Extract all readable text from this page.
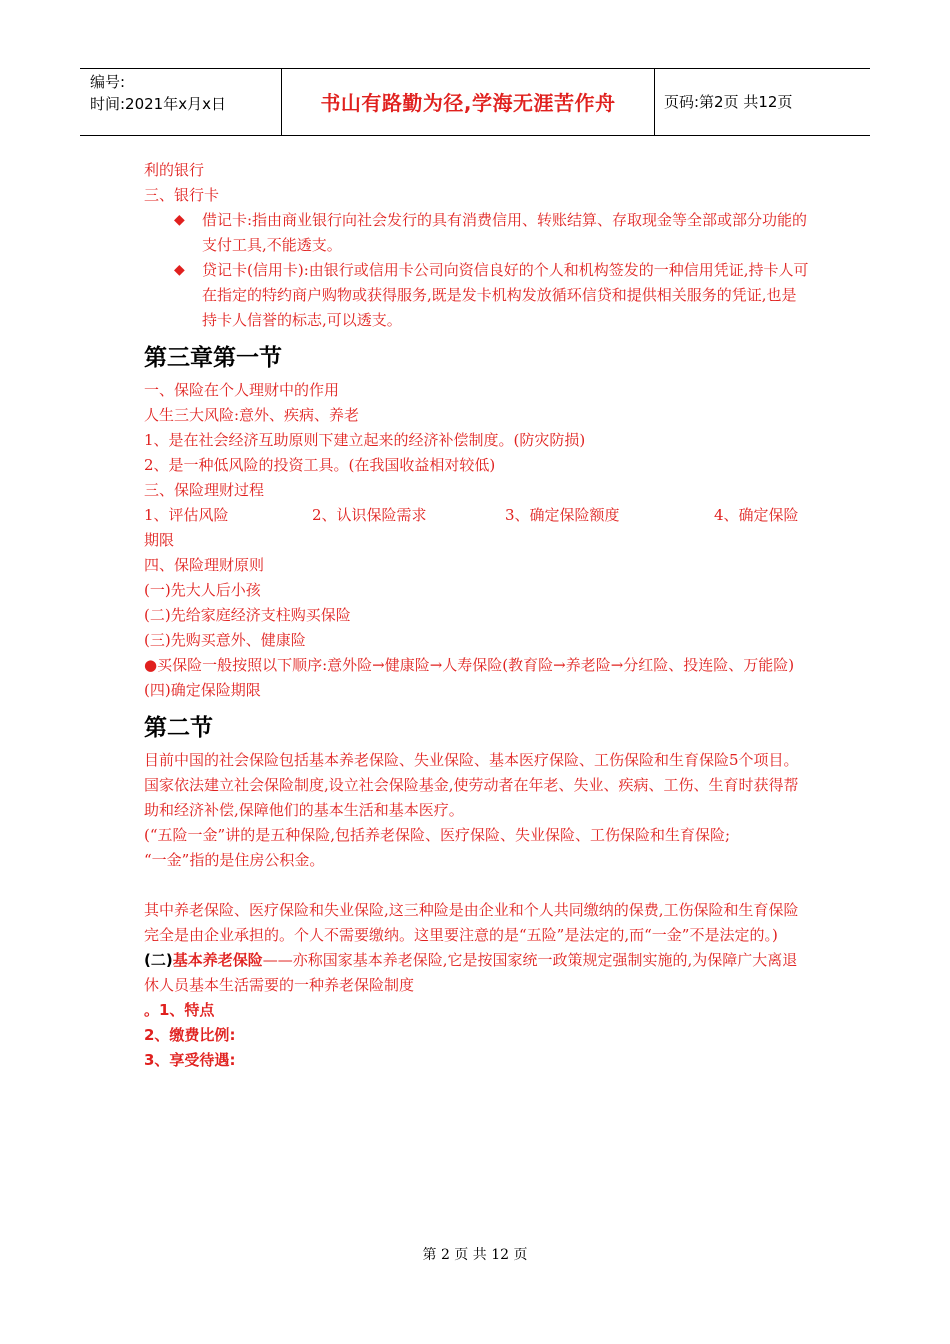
编号:
时间:2021年x月x日	书山有路勤为径,学海无涯苦作舟	页码:第2页 共12页
利的银行
三、银行卡
◆ 借记卡:指由商业银行向社会发行的具有消费信用、转账结算、存取现金等全部或部分功能的支付工具,不能透支。
◆ 贷记卡(信用卡):由银行或信用卡公司向资信良好的个人和机构签发的一种信用凭证,持卡人可在指定的特约商户购物或获得服务,既是发卡机构发放循环信贷和提供相关服务的凭证,也是持卡人信誉的标志,可以透支。
第三章第一节
一、保险在个人理财中的作用
人生三大风险:意外、疾病、养老
1、是在社会经济互助原则下建立起来的经济补偿制度。(防灾防损)
2、是一种低风险的投资工具。(在我国收益相对较低)
三、保险理财过程
1、评估风险	2、认识保险需求	3、确定保险额度	4、确定保险
期限
四、保险理财原则
(一)先大人后小孩
(二)先给家庭经济支柱购买保险
(三)先购买意外、健康险
●买保险一般按照以下顺序:意外险→健康险→人寿保险(教育险→养老险→分红险、投连险、万能险)
(四)确定保险期限
第二节
目前中国的社会保险包括基本养老保险、失业保险、基本医疗保险、工伤保险和生育保险5个项目。国家依法建立社会保险制度,设立社会保险基金,使劳动者在年老、失业、疾病、工伤、生育时获得帮助和经济补偿,保障他们的基本生活和基本医疗。
(“五险一金”讲的是五种保险,包括养老保险、医疗保险、失业保险、工伤保险和生育保险;
“一金”指的是住房公积金。
其中养老保险、医疗保险和失业保险,这三种险是由企业和个人共同缴纳的保费,工伤保险和生育保险完全是由企业承担的。个人不需要缴纳。这里要注意的是“五险”是法定的,而“一金”不是法定的。)
(二)基本养老保险——亦称国家基本养老保险,它是按国家统一政策规定强制实施的,为保障广大离退休人员基本生活需要的一种养老保险制度
。1、特点
2、缴费比例:
3、享受待遇:
第 2 页 共 12 页
